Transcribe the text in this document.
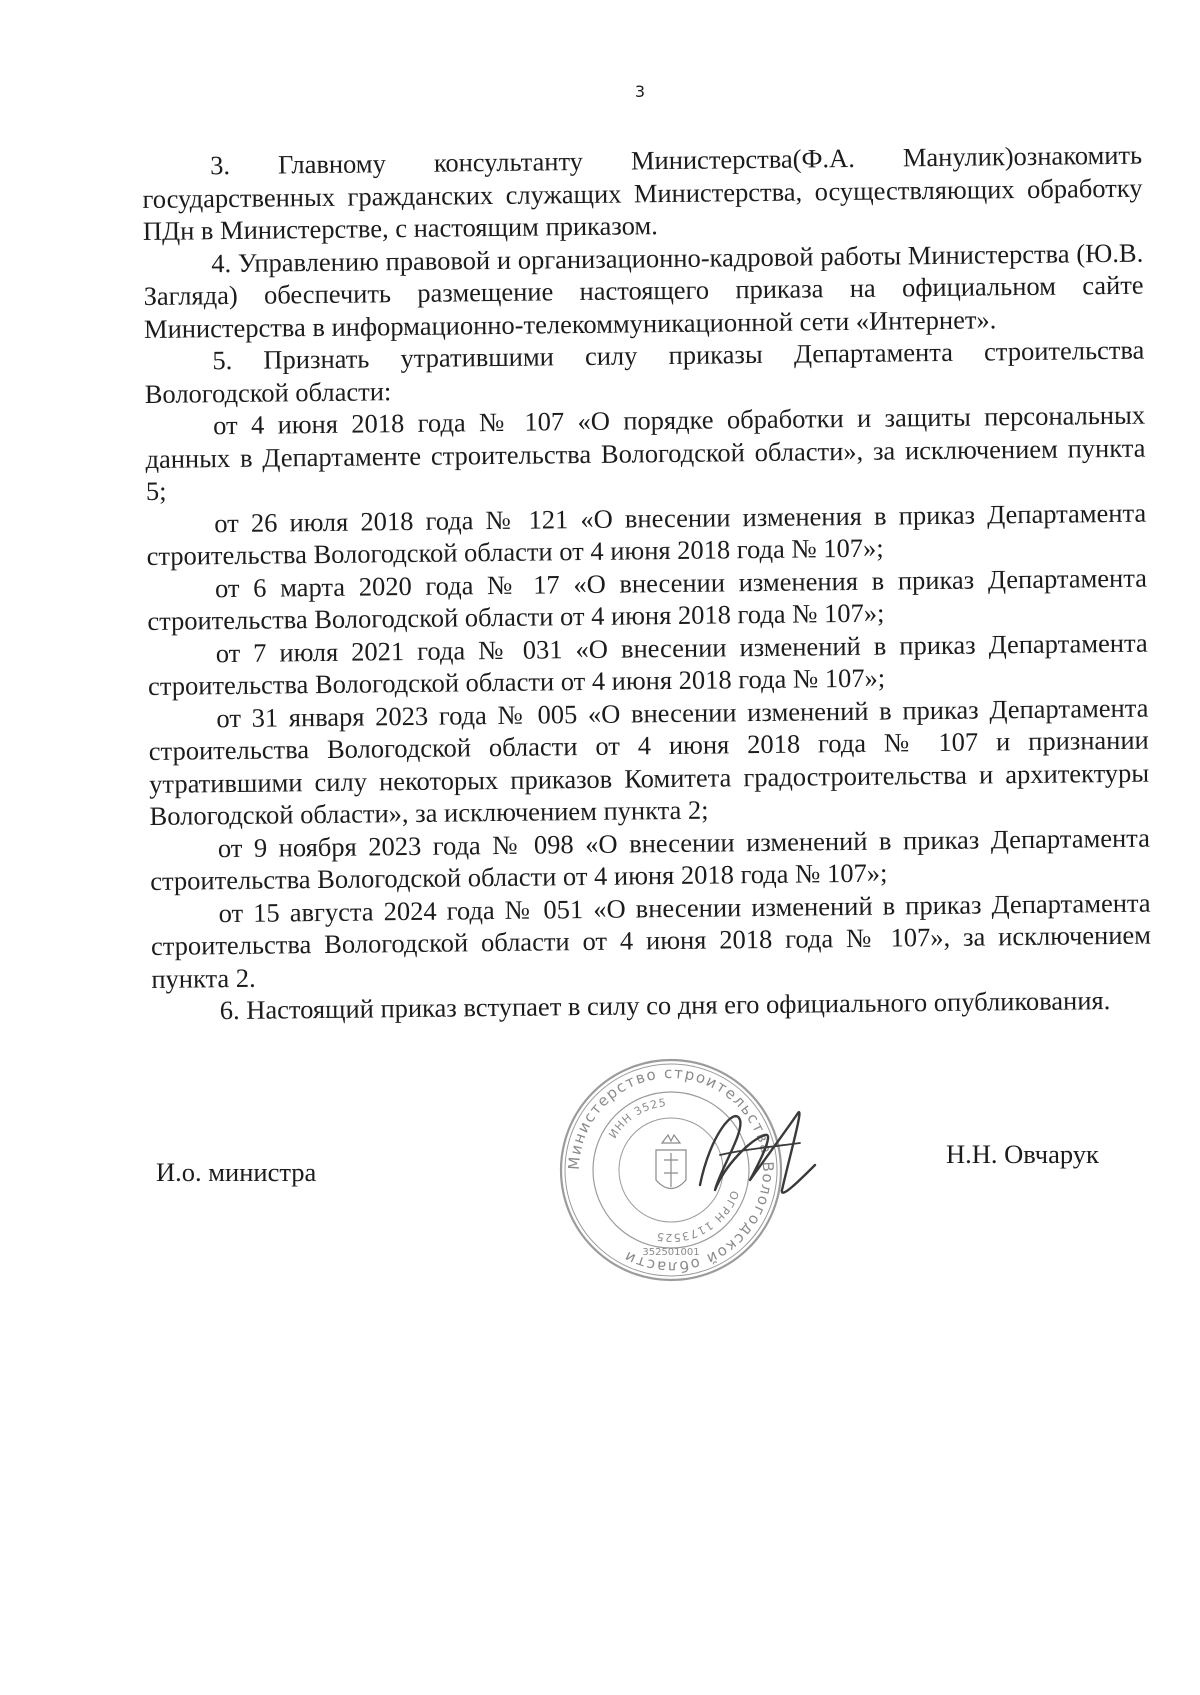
3

3. Главному консультанту Министерства(Ф.А. Манулик)ознакомить государственных гражданских служащих Министерства, осуществляющих обработку ПДн в Министерстве, с настоящим приказом.

4. Управлению правовой и организационно-кадровой работы Министерства (Ю.В. Загляда) обеспечить размещение настоящего приказа на официальном сайте Министерства в информационно-телекоммуникационной сети «Интернет».

5. Признать утратившими силу приказы Департамента строительства Вологодской области:

от 4 июня 2018 года № 107 «О порядке обработки и защиты персональных данных в Департаменте строительства Вологодской области», за исключением пункта 5;

от 26 июля 2018 года № 121 «О внесении изменения в приказ Департамента строительства Вологодской области от 4 июня 2018 года № 107»;

от 6 марта 2020 года № 17 «О внесении изменения в приказ Департамента строительства Вологодской области от 4 июня 2018 года № 107»;

от 7 июля 2021 года № 031 «О внесении изменений в приказ Департамента строительства Вологодской области от 4 июня 2018 года № 107»;

от 31 января 2023 года № 005 «О внесении изменений в приказ Департамента строительства Вологодской области от 4 июня 2018 года № 107 и признании утратившими силу некоторых приказов Комитета градостроительства и архитектуры Вологодской области», за исключением пункта 2;

от 9 ноября 2023 года № 098 «О внесении изменений в приказ Департамента строительства Вологодской области от 4 июня 2018 года № 107»;

от 15 августа 2024 года № 051 «О внесении изменений в приказ Департамента строительства Вологодской области от 4 июня 2018 года № 107», за исключением пункта 2.

6. Настоящий приказ вступает в силу со дня его официального опубликования.

И.о. министра	Министерство строительства Вологодской области
ИНН 3525
ОГРН 1173525
352501001
Н.Н. Овчарук
